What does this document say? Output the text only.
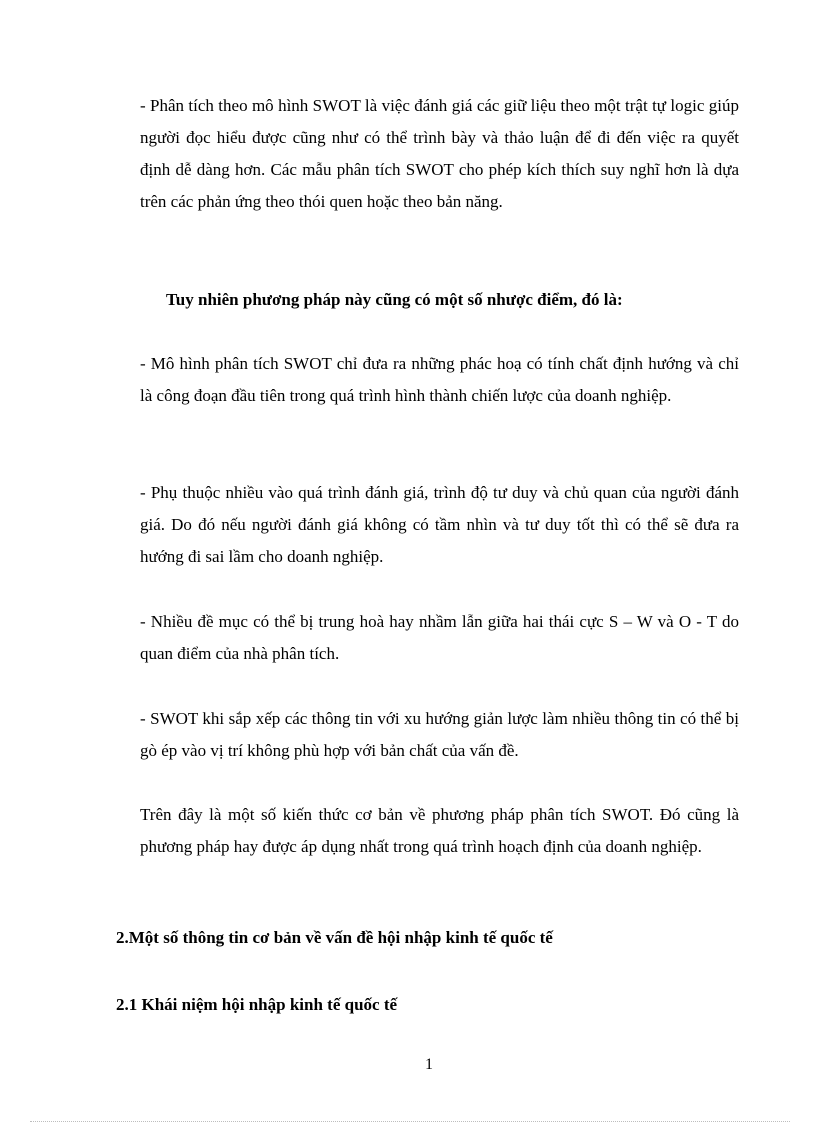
- Phân tích theo mô hình SWOT là việc đánh giá các giữ liệu theo một trật tự logic giúp người đọc hiểu được cũng như có thể trình bày và thảo luận để đi đến việc ra quyết định dễ dàng hơn. Các mẫu phân tích SWOT cho phép kích thích suy nghĩ hơn là dựa trên các phản ứng theo thói quen hoặc theo bản năng.

Tuy nhiên phương pháp này cũng có một số nhược điểm, đó là:

- Mô hình phân tích SWOT chỉ đưa ra những phác hoạ có tính chất định hướng và chỉ là công đoạn đầu tiên trong quá trình hình thành chiến lược của doanh nghiệp.

- Phụ thuộc nhiều vào quá trình đánh giá, trình độ tư duy và chủ quan của người đánh giá. Do đó nếu người đánh giá không có tầm nhìn và tư duy tốt thì có thể sẽ đưa ra hướng đi sai lầm cho doanh nghiệp.

- Nhiều đề mục có thể bị trung hoà hay nhầm lẫn giữa hai thái cực S – W và O - T do quan điểm của nhà phân tích.

- SWOT khi sắp xếp các thông tin với xu hướng giản lược làm nhiều thông tin có thể bị gò ép vào vị trí không phù hợp với bản chất của vấn đề.

Trên đây là một số kiến thức cơ bản về phương pháp phân tích SWOT. Đó cũng là phương pháp hay được áp dụng nhất trong quá trình hoạch định của doanh nghiệp.

2.Một số thông tin cơ bản về vấn đề hội nhập kinh tế quốc tế
2.1 Khái niệm hội nhập kinh tế quốc tế
1
